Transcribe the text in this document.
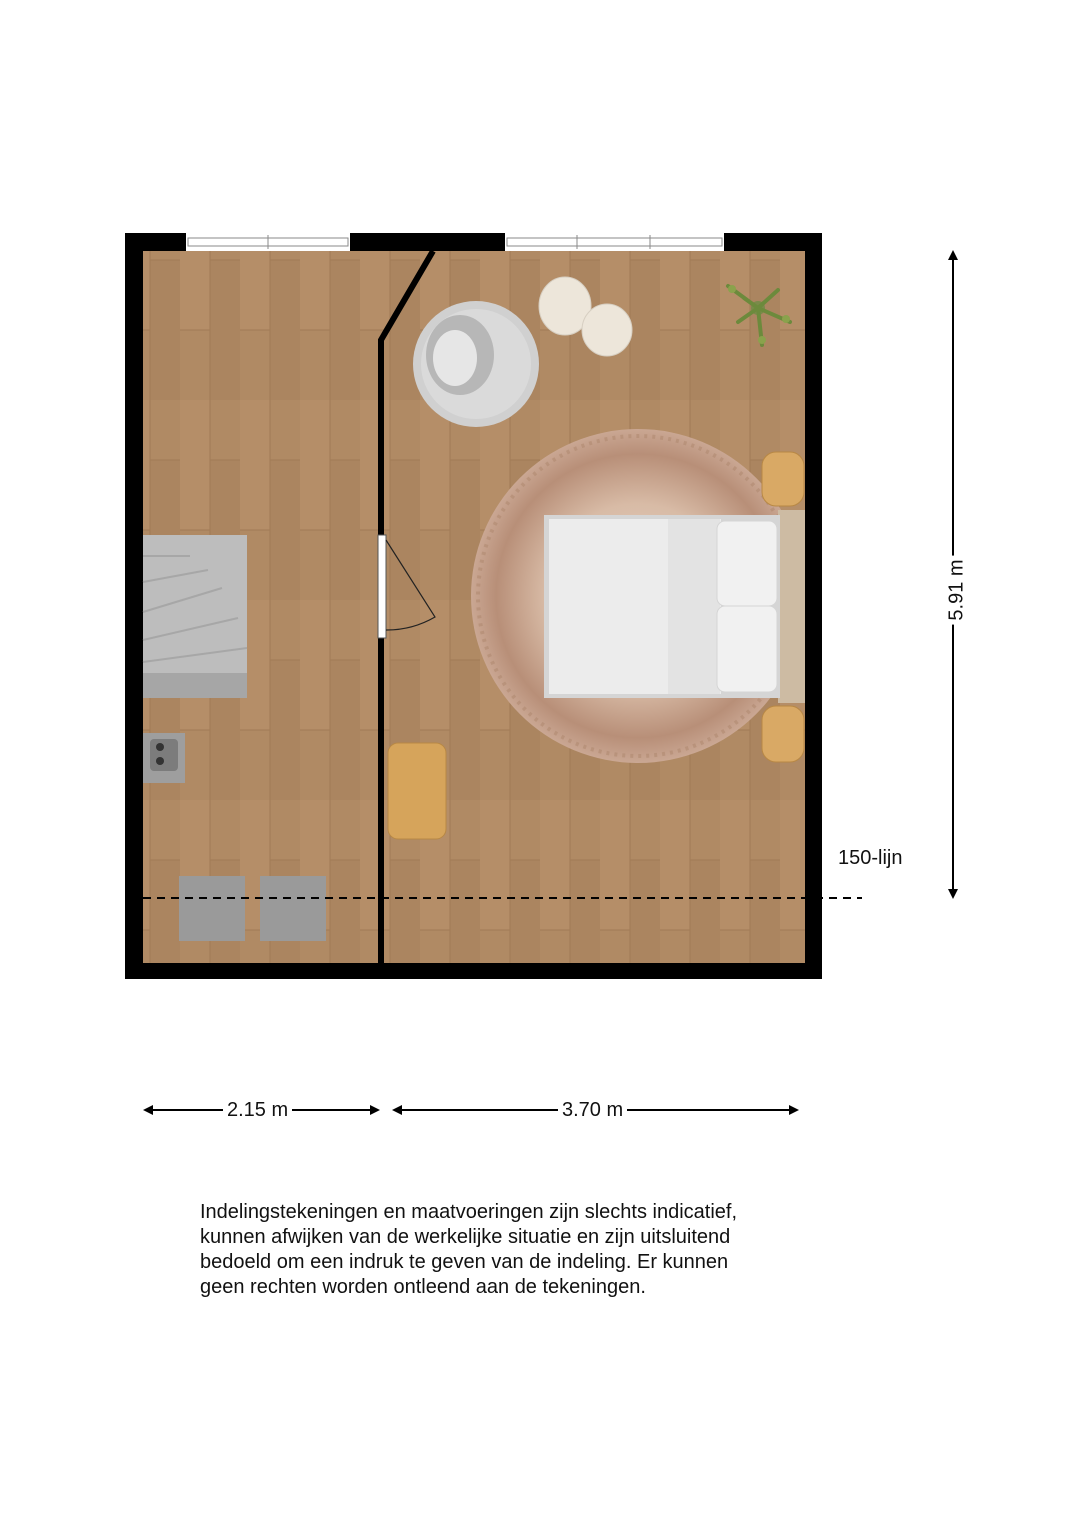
2.15 m	3.70 m
5.91 m
150-lijn
Indelingstekeningen en maatvoeringen zijn slechts indicatief,
kunnen afwijken van de werkelijke situatie en zijn uitsluitend
bedoeld om een indruk te geven van de indeling. Er kunnen
geen rechten worden ontleend aan de tekeningen.
